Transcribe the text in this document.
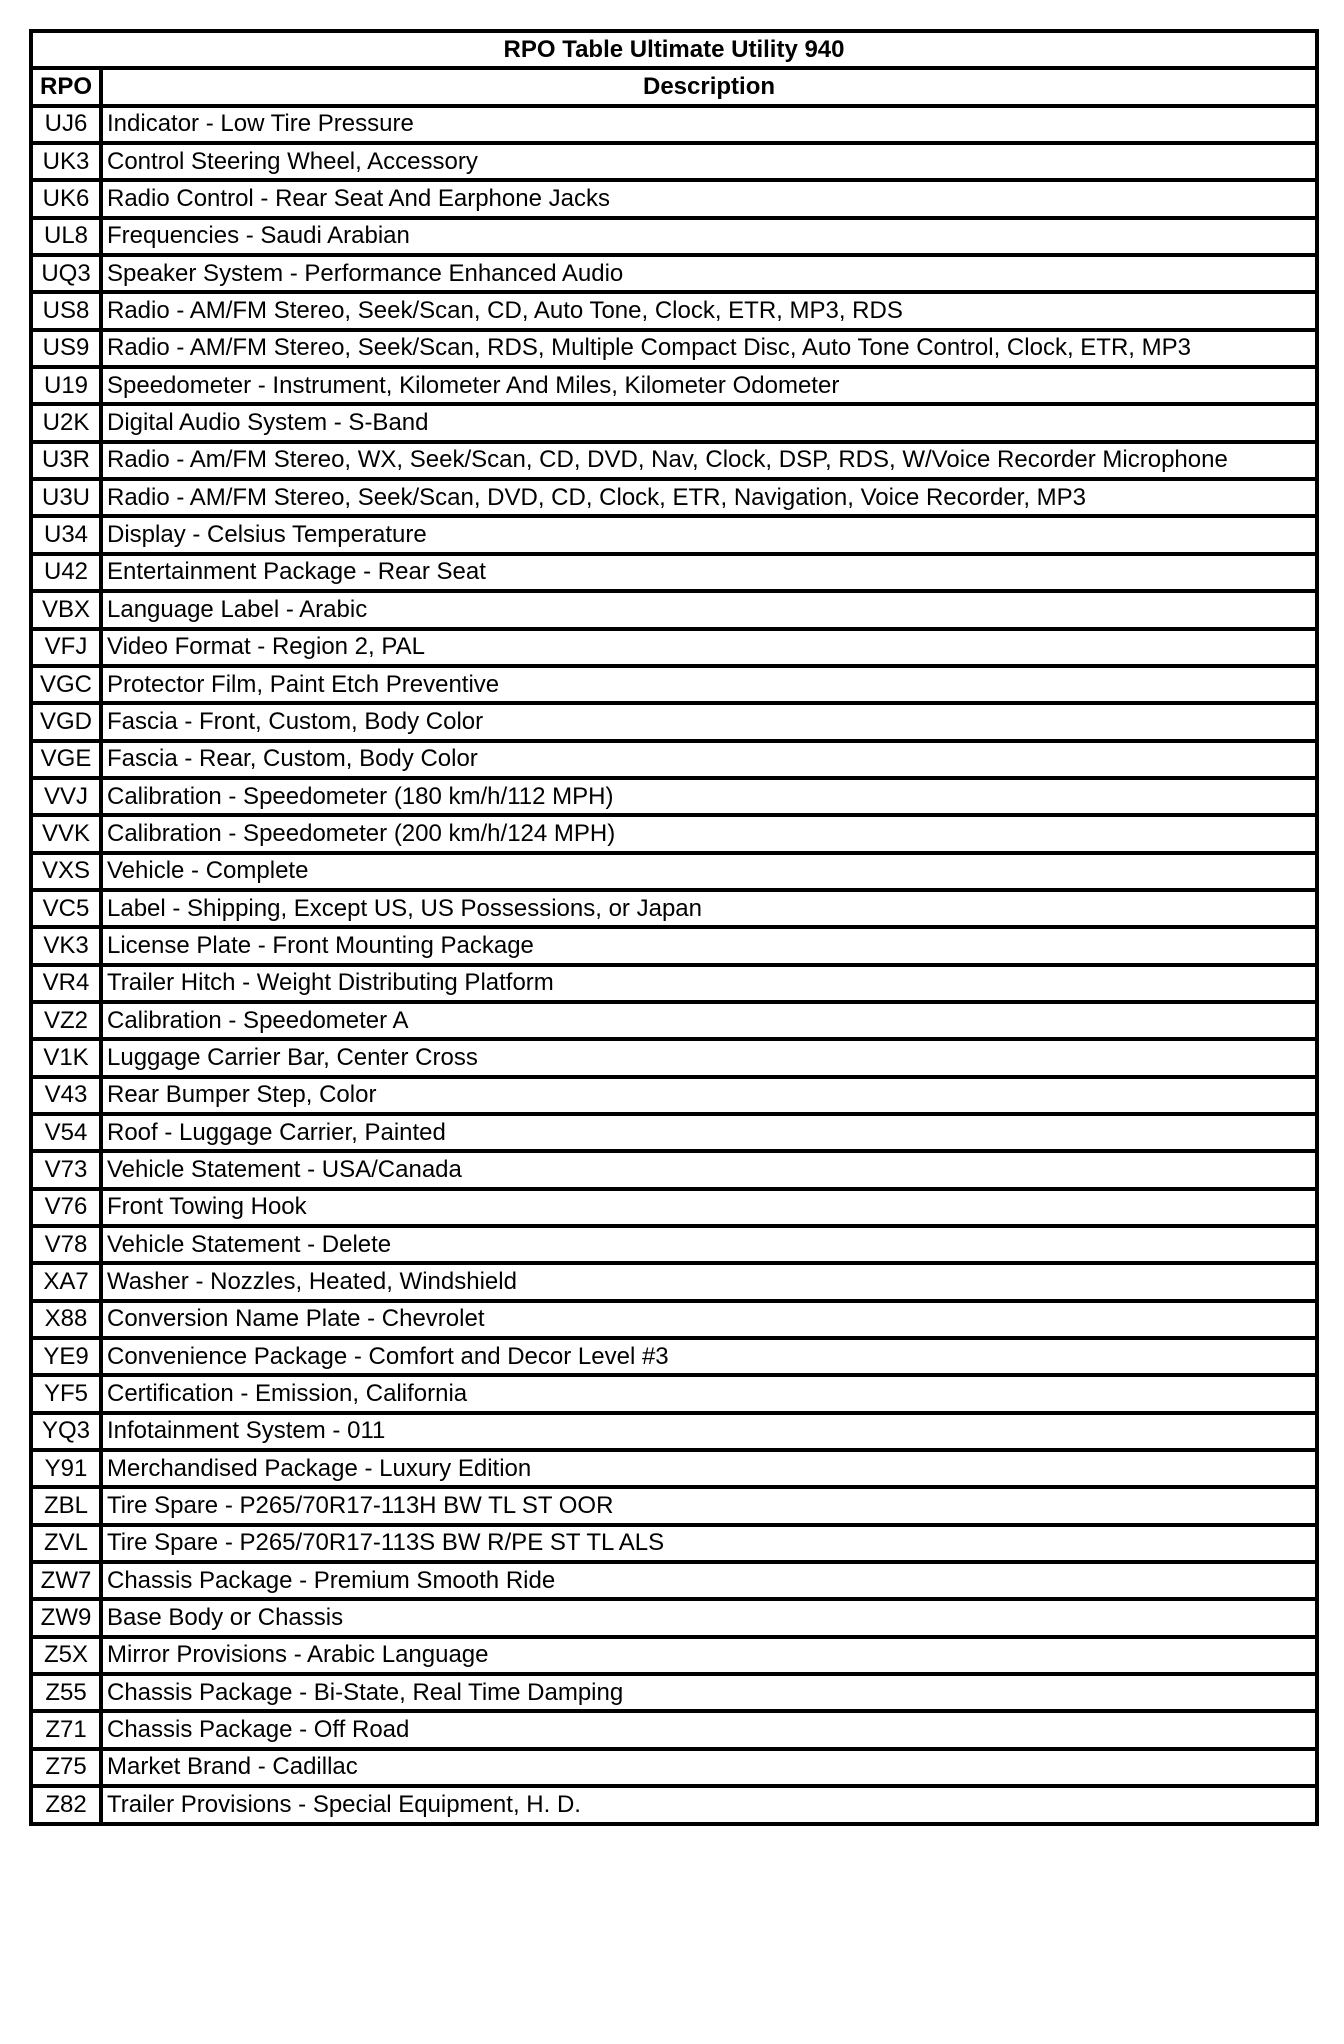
RPO Table Ultimate Utility 940	
RPO	Description
UJ6	Indicator - Low Tire Pressure
UK3	Control Steering Wheel, Accessory
UK6	Radio Control - Rear Seat And Earphone Jacks
UL8	Frequencies - Saudi Arabian
UQ3	Speaker System - Performance Enhanced Audio
US8	Radio - AM/FM Stereo, Seek/Scan, CD, Auto Tone, Clock, ETR, MP3, RDS
US9	Radio - AM/FM Stereo, Seek/Scan, RDS, Multiple Compact Disc, Auto Tone Control, Clock, ETR, MP3
U19	Speedometer - Instrument, Kilometer And Miles, Kilometer Odometer
U2K	Digital Audio System - S-Band
U3R	Radio - Am/FM Stereo, WX, Seek/Scan, CD, DVD, Nav, Clock, DSP, RDS, W/Voice Recorder Microphone
U3U	Radio - AM/FM Stereo, Seek/Scan, DVD, CD, Clock, ETR, Navigation, Voice Recorder, MP3
U34	Display - Celsius Temperature
U42	Entertainment Package - Rear Seat
VBX	Language Label - Arabic
VFJ	Video Format - Region 2, PAL
VGC	Protector Film, Paint Etch Preventive
VGD	Fascia - Front, Custom, Body Color
VGE	Fascia - Rear, Custom, Body Color
VVJ	Calibration - Speedometer (180 km/h/112 MPH)
VVK	Calibration - Speedometer (200 km/h/124 MPH)
VXS	Vehicle - Complete
VC5	Label - Shipping, Except US, US Possessions, or Japan
VK3	License Plate - Front Mounting Package
VR4	Trailer Hitch - Weight Distributing Platform
VZ2	Calibration - Speedometer A
V1K	Luggage Carrier Bar, Center Cross
V43	Rear Bumper Step, Color
V54	Roof - Luggage Carrier, Painted
V73	Vehicle Statement - USA/Canada
V76	Front Towing Hook
V78	Vehicle Statement - Delete
XA7	Washer - Nozzles, Heated, Windshield
X88	Conversion Name Plate - Chevrolet
YE9	Convenience Package - Comfort and Decor Level #3
YF5	Certification - Emission, California
YQ3	Infotainment System - 011
Y91	Merchandised Package - Luxury Edition
ZBL	Tire Spare - P265/70R17-113H BW TL ST OOR
ZVL	Tire Spare - P265/70R17-113S BW R/PE ST TL ALS
ZW7	Chassis Package - Premium Smooth Ride
ZW9	Base Body or Chassis
Z5X	Mirror Provisions - Arabic Language
Z55	Chassis Package - Bi-State, Real Time Damping
Z71	Chassis Package - Off Road
Z75	Market Brand - Cadillac
Z82	Trailer Provisions - Special Equipment, H. D.
